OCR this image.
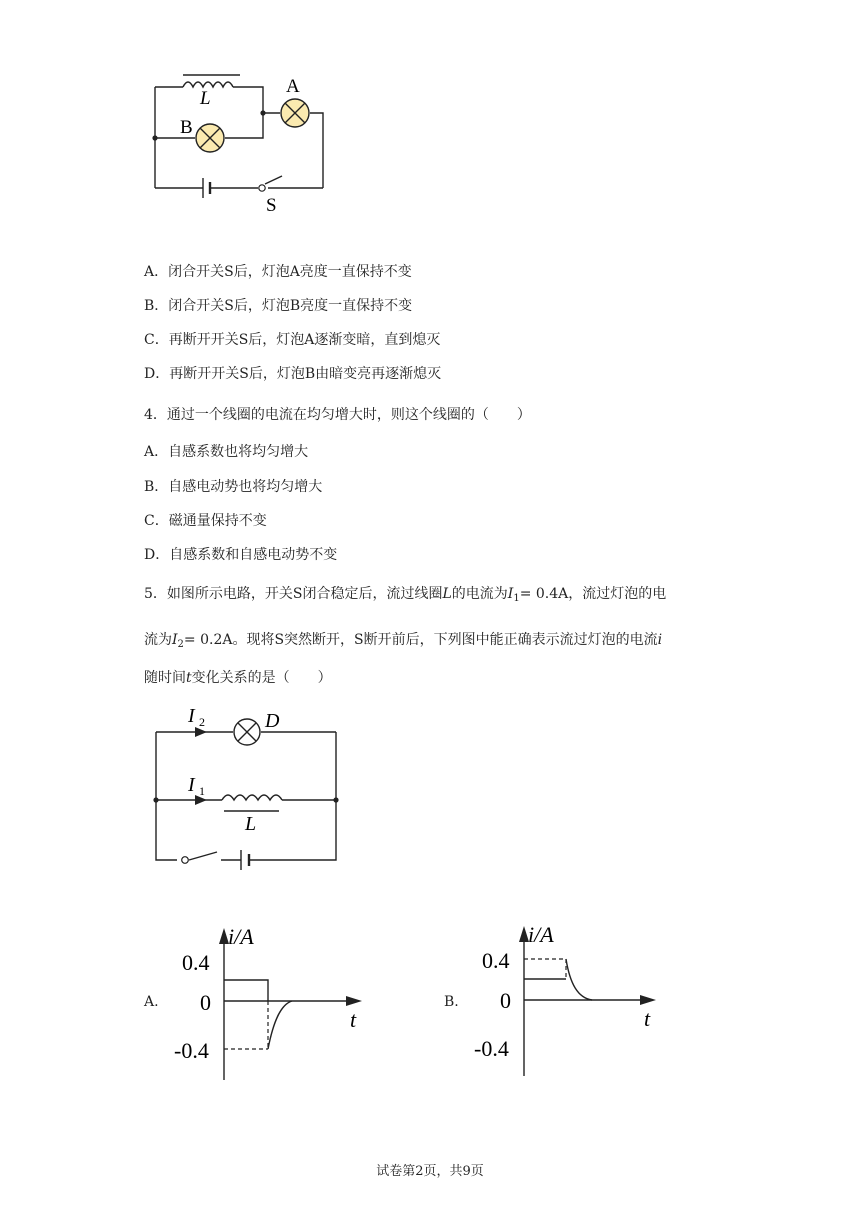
L
A
B
S
A．闭合开关S后，灯泡A亮度一直保持不变
B．闭合开关S后，灯泡B亮度一直保持不变
C．再断开开关S后，灯泡A逐渐变暗，直到熄灭
D．再断开开关S后，灯泡B由暗变亮再逐渐熄灭
4．通过一个线圈的电流在均匀增大时，则这个线圈的（　　）
A．自感系数也将均匀增大
B．自感电动势也将均匀增大
C．磁通量保持不变
D．自感系数和自感电动势不变
5．如图所示电路，开关S闭合稳定后，流过线圈L的电流为$I_1= 0.4A$，流过灯泡的电
流为$I_2= 0.2A$。现将S突然断开，S断开前后，下列图中能正确表示流过灯泡的电流i
随时间t变化关系的是（　　）
I 2	D
I 1
L
A.
i/A
0.4
0
-0.4
t
B.
i/A
0.4
0
-0.4
t
试卷第2页，共9页
